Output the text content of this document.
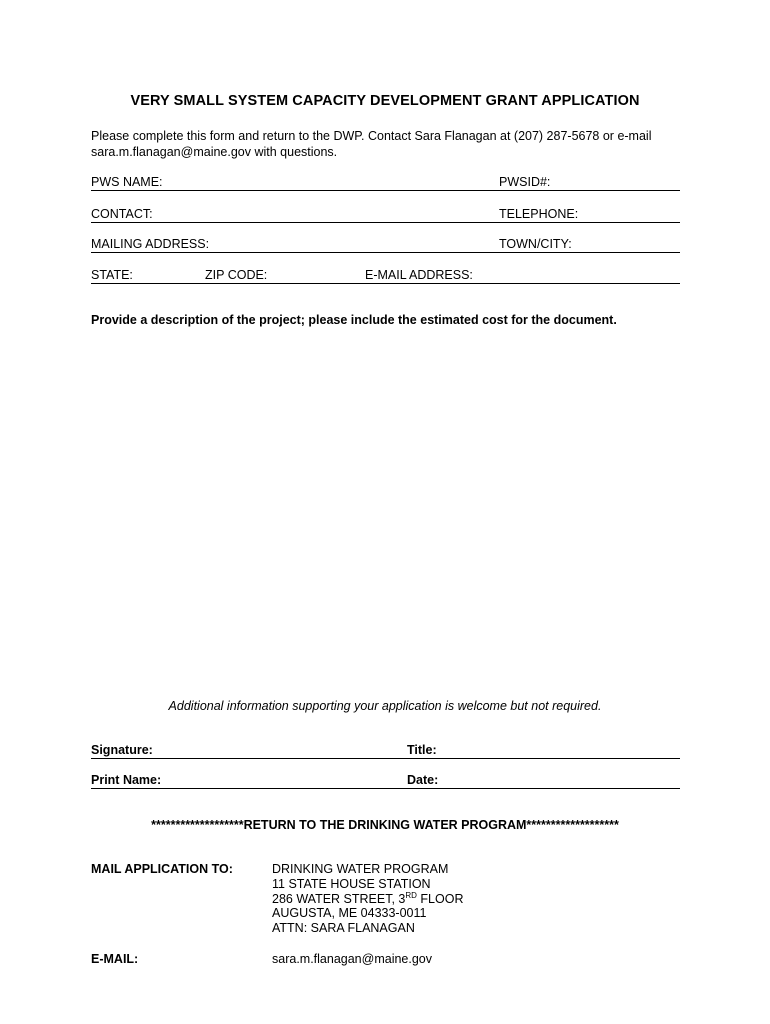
VERY SMALL SYSTEM CAPACITY DEVELOPMENT GRANT APPLICATION
Please complete this form and return to the DWP. Contact Sara Flanagan at (207) 287-5678 or e-mail
sara.m.flanagan@maine.gov with questions.
PWS NAME:	PWSID#:
CONTACT:	TELEPHONE:
MAILING ADDRESS:	TOWN/CITY:
STATE:	ZIP CODE:	E-MAIL ADDRESS:
Provide a description of the project; please include the estimated cost for the document.
Additional information supporting your application is welcome but not required.
Signature:	Title:
Print Name:	Date:
*******************RETURN TO THE DRINKING WATER PROGRAM*******************
MAIL APPLICATION TO:	DRINKING WATER PROGRAM
11 STATE HOUSE STATION
286 WATER STREET, 3RD FLOOR
AUGUSTA, ME 04333-0011
ATTN: SARA FLANAGAN
E-MAIL:	sara.m.flanagan@maine.gov
